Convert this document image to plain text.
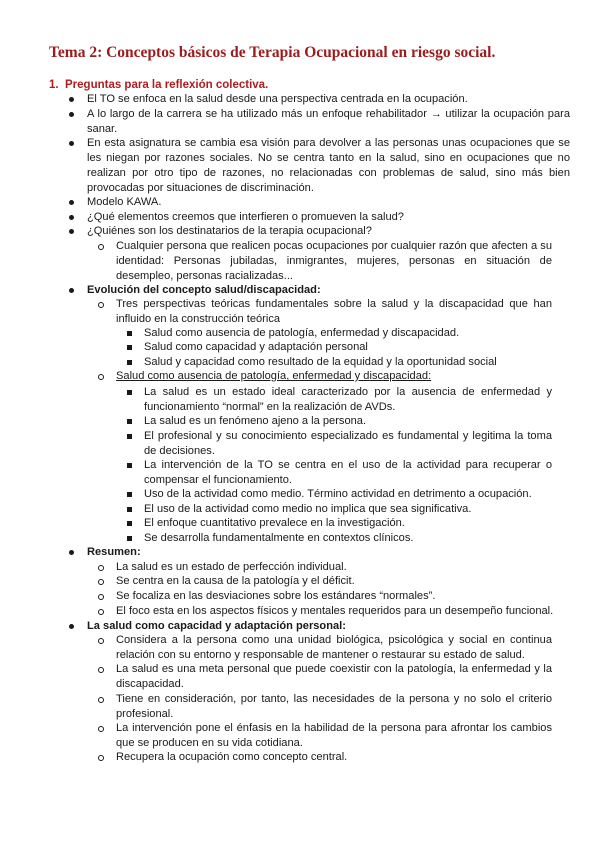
Tema 2: Conceptos básicos de Terapia Ocupacional en riesgo social.
1. Preguntas para la reflexión colectiva.
El TO se enfoca en la salud desde una perspectiva centrada en la ocupación.
A lo largo de la carrera se ha utilizado más un enfoque rehabilitador → utilizar la ocupación para sanar.
En esta asignatura se cambia esa visión para devolver a las personas unas ocupaciones que se les niegan por razones sociales. No se centra tanto en la salud, sino en ocupaciones que no realizan por otro tipo de razones, no relacionadas con problemas de salud, sino más bien provocadas por situaciones de discriminación.
Modelo KAWA.
¿Qué elementos creemos que interfieren o promueven la salud?
¿Quiénes son los destinatarios de la terapia ocupacional?
Cualquier persona que realicen pocas ocupaciones por cualquier razón que afecten a su identidad: Personas jubiladas, inmigrantes, mujeres, personas en situación de desempleo, personas racializadas...
Evolución del concepto salud/discapacidad:
Tres perspectivas teóricas fundamentales sobre la salud y la discapacidad que han influido en la construcción teórica
Salud como ausencia de patología, enfermedad y discapacidad.
Salud como capacidad y adaptación personal
Salud y capacidad como resultado de la equidad y la oportunidad social
Salud como ausencia de patología, enfermedad y discapacidad:
La salud es un estado ideal caracterizado por la ausencia de enfermedad y funcionamiento “normal” en la realización de AVDs.
La salud es un fenómeno ajeno a la persona.
El profesional y su conocimiento especializado es fundamental y legitima la toma de decisiones.
La intervención de la TO se centra en el uso de la actividad para recuperar o compensar el funcionamiento.
Uso de la actividad como medio. Término actividad en detrimento a ocupación.
El uso de la actividad como medio no implica que sea significativa.
El enfoque cuantitativo prevalece en la investigación.
Se desarrolla fundamentalmente en contextos clínicos.
Resumen:
La salud es un estado de perfección individual.
Se centra en la causa de la patología y el déficit.
Se focaliza en las desviaciones sobre los estándares “normales”.
El foco esta en los aspectos físicos y mentales requeridos para un desempeño funcional.
La salud como capacidad y adaptación personal:
Considera a la persona como una unidad biológica, psicológica y social en continua relación con su entorno y responsable de mantener o restaurar su estado de salud.
La salud es una meta personal que puede coexistir con la patología, la enfermedad y la discapacidad.
Tiene en consideración, por tanto, las necesidades de la persona y no solo el criterio profesional.
La intervención pone el énfasis en la habilidad de la persona para afrontar los cambios que se producen en su vida cotidiana.
Recupera la ocupación como concepto central.
